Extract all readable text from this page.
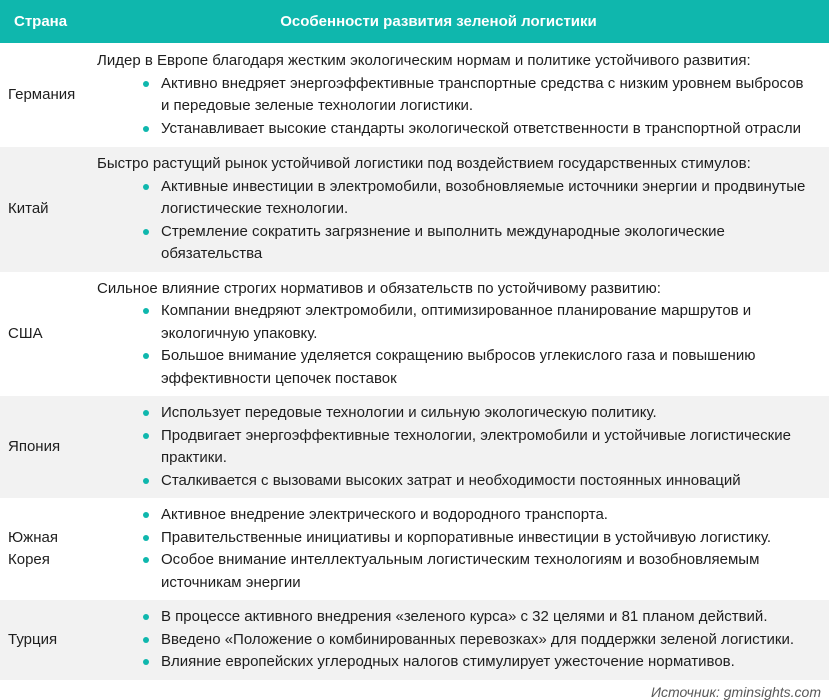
Страна	Особенности развития зеленой логистики
Германия

Лидер в Европе благодаря жестким экологическим нормам и политике устойчивого развития:

Активно внедряет энергоэффективные транспортные средства с низким уровнем выбросов и передовые зеленые технологии логистики.
Устанавливает высокие стандарты экологической ответственности в транспортной отрасли
Китай

Быстро растущий рынок устойчивой логистики под воздействием государственных стимулов:

Активные инвестиции в электромобили, возобновляемые источники энергии и продвинутые логистические технологии.
Стремление сократить загрязнение и выполнить международные экологические обязательства
США

Сильное влияние строгих нормативов и обязательств по устойчивому развитию:

Компании внедряют электромобили, оптимизированное планирование маршрутов и экологичную упаковку.
Большое внимание уделяется сокращению выбросов углекислого газа и повышению эффективности цепочек поставок
Япония
Использует передовые технологии и сильную экологическую политику.
Продвигает энергоэффективные технологии, электромобили и устойчивые логистические практики.
Сталкивается с вызовами высоких затрат и необходимости постоянных инноваций
Южная Корея
Активное внедрение электрического и водородного транспорта.
Правительственные инициативы и корпоративные инвестиции в устойчивую логистику.
Особое внимание интеллектуальным логистическим технологиям и возобновляемым источникам энергии
Турция
В процессе активного внедрения «зеленого курса» с 32 целями и 81 планом действий.
Введено «Положение о комбинированных перевозках» для поддержки зеленой логистики.
Влияние европейских углеродных налогов стимулирует ужесточение нормативов.
Источник: gminsights.com
